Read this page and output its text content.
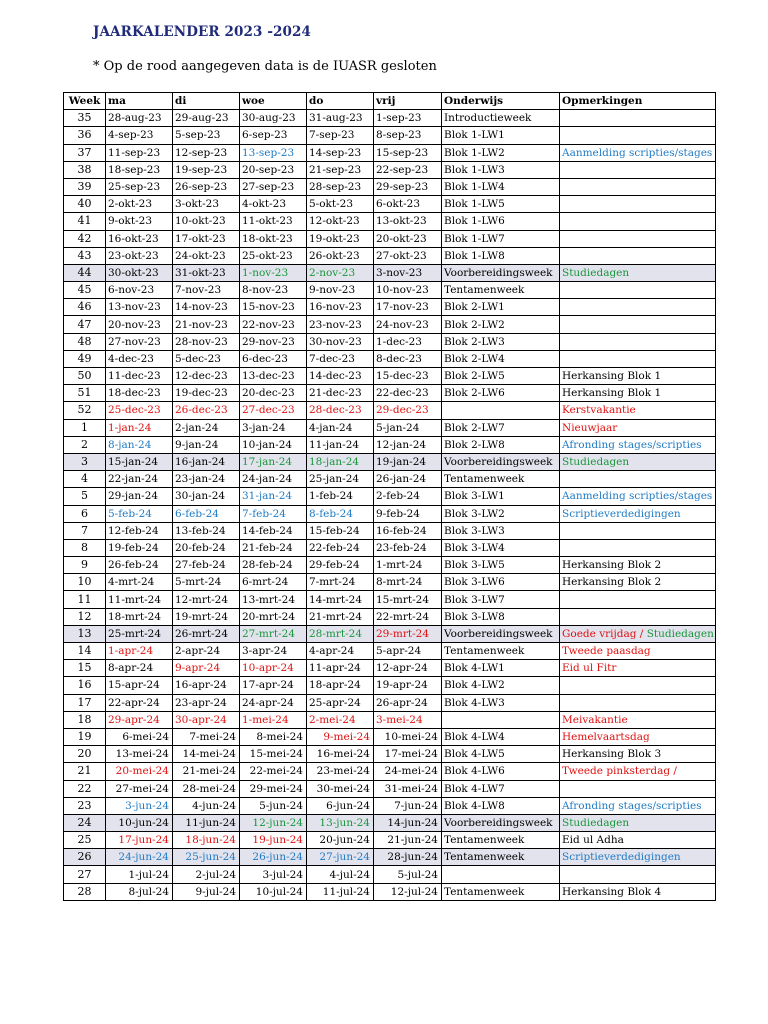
JAARKALENDER 2023 -2024
* Op de rood aangegeven data is de IUASR gesloten
Week	ma	di	woe	do	vrij	Onderwijs	Opmerkingen
35	28-aug-23	29-aug-23	30-aug-23	31-aug-23	1-sep-23	Introductieweek	
36	4-sep-23	5-sep-23	6-sep-23	7-sep-23	8-sep-23	Blok 1-LW1	
37	11-sep-23	12-sep-23	13-sep-23	14-sep-23	15-sep-23	Blok 1-LW2	Aanmelding scripties/stages
38	18-sep-23	19-sep-23	20-sep-23	21-sep-23	22-sep-23	Blok 1-LW3	
39	25-sep-23	26-sep-23	27-sep-23	28-sep-23	29-sep-23	Blok 1-LW4	
40	2-okt-23	3-okt-23	4-okt-23	5-okt-23	6-okt-23	Blok 1-LW5	
41	9-okt-23	10-okt-23	11-okt-23	12-okt-23	13-okt-23	Blok 1-LW6	
42	16-okt-23	17-okt-23	18-okt-23	19-okt-23	20-okt-23	Blok 1-LW7	
43	23-okt-23	24-okt-23	25-okt-23	26-okt-23	27-okt-23	Blok 1-LW8	
44	30-okt-23	31-okt-23	1-nov-23	2-nov-23	3-nov-23	Voorbereidingsweek	Studiedagen
45	6-nov-23	7-nov-23	8-nov-23	9-nov-23	10-nov-23	Tentamenweek	
46	13-nov-23	14-nov-23	15-nov-23	16-nov-23	17-nov-23	Blok 2-LW1	
47	20-nov-23	21-nov-23	22-nov-23	23-nov-23	24-nov-23	Blok 2-LW2	
48	27-nov-23	28-nov-23	29-nov-23	30-nov-23	1-dec-23	Blok 2-LW3	
49	4-dec-23	5-dec-23	6-dec-23	7-dec-23	8-dec-23	Blok 2-LW4	
50	11-dec-23	12-dec-23	13-dec-23	14-dec-23	15-dec-23	Blok 2-LW5	Herkansing Blok 1
51	18-dec-23	19-dec-23	20-dec-23	21-dec-23	22-dec-23	Blok 2-LW6	Herkansing Blok 1
52	25-dec-23	26-dec-23	27-dec-23	28-dec-23	29-dec-23		Kerstvakantie
1	1-jan-24	2-jan-24	3-jan-24	4-jan-24	5-jan-24	Blok 2-LW7	Nieuwjaar
2	8-jan-24	9-jan-24	10-jan-24	11-jan-24	12-jan-24	Blok 2-LW8	Afronding stages/scripties
3	15-jan-24	16-jan-24	17-jan-24	18-jan-24	19-jan-24	Voorbereidingsweek	Studiedagen
4	22-jan-24	23-jan-24	24-jan-24	25-jan-24	26-jan-24	Tentamenweek	
5	29-jan-24	30-jan-24	31-jan-24	1-feb-24	2-feb-24	Blok 3-LW1	Aanmelding scripties/stages
6	5-feb-24	6-feb-24	7-feb-24	8-feb-24	9-feb-24	Blok 3-LW2	Scriptieverdedigingen
7	12-feb-24	13-feb-24	14-feb-24	15-feb-24	16-feb-24	Blok 3-LW3	
8	19-feb-24	20-feb-24	21-feb-24	22-feb-24	23-feb-24	Blok 3-LW4	
9	26-feb-24	27-feb-24	28-feb-24	29-feb-24	1-mrt-24	Blok 3-LW5	Herkansing Blok 2
10	4-mrt-24	5-mrt-24	6-mrt-24	7-mrt-24	8-mrt-24	Blok 3-LW6	Herkansing Blok 2
11	11-mrt-24	12-mrt-24	13-mrt-24	14-mrt-24	15-mrt-24	Blok 3-LW7	
12	18-mrt-24	19-mrt-24	20-mrt-24	21-mrt-24	22-mrt-24	Blok 3-LW8	
13	25-mrt-24	26-mrt-24	27-mrt-24	28-mrt-24	29-mrt-24	Voorbereidingsweek	Goede vrijdag / Studiedagen
14	1-apr-24	2-apr-24	3-apr-24	4-apr-24	5-apr-24	Tentamenweek	Tweede paasdag
15	8-apr-24	9-apr-24	10-apr-24	11-apr-24	12-apr-24	Blok 4-LW1	Eid ul Fitr
16	15-apr-24	16-apr-24	17-apr-24	18-apr-24	19-apr-24	Blok 4-LW2	
17	22-apr-24	23-apr-24	24-apr-24	25-apr-24	26-apr-24	Blok 4-LW3	
18	29-apr-24	30-apr-24	1-mei-24	2-mei-24	3-mei-24		Meivakantie
19	6-mei-24	7-mei-24	8-mei-24	9-mei-24	10-mei-24	Blok 4-LW4	Hemelvaartsdag
20	13-mei-24	14-mei-24	15-mei-24	16-mei-24	17-mei-24	Blok 4-LW5	Herkansing Blok 3
21	20-mei-24	21-mei-24	22-mei-24	23-mei-24	24-mei-24	Blok 4-LW6	Tweede pinksterdag /
22	27-mei-24	28-mei-24	29-mei-24	30-mei-24	31-mei-24	Blok 4-LW7	
23	3-jun-24	4-jun-24	5-jun-24	6-jun-24	7-jun-24	Blok 4-LW8	Afronding stages/scripties
24	10-jun-24	11-jun-24	12-jun-24	13-jun-24	14-jun-24	Voorbereidingsweek	Studiedagen
25	17-jun-24	18-jun-24	19-jun-24	20-jun-24	21-jun-24	Tentamenweek	Eid ul Adha
26	24-jun-24	25-jun-24	26-jun-24	27-jun-24	28-jun-24	Tentamenweek	Scriptieverdedigingen
27	1-jul-24	2-jul-24	3-jul-24	4-jul-24	5-jul-24		
28	8-jul-24	9-jul-24	10-jul-24	11-jul-24	12-jul-24	Tentamenweek	Herkansing Blok 4
